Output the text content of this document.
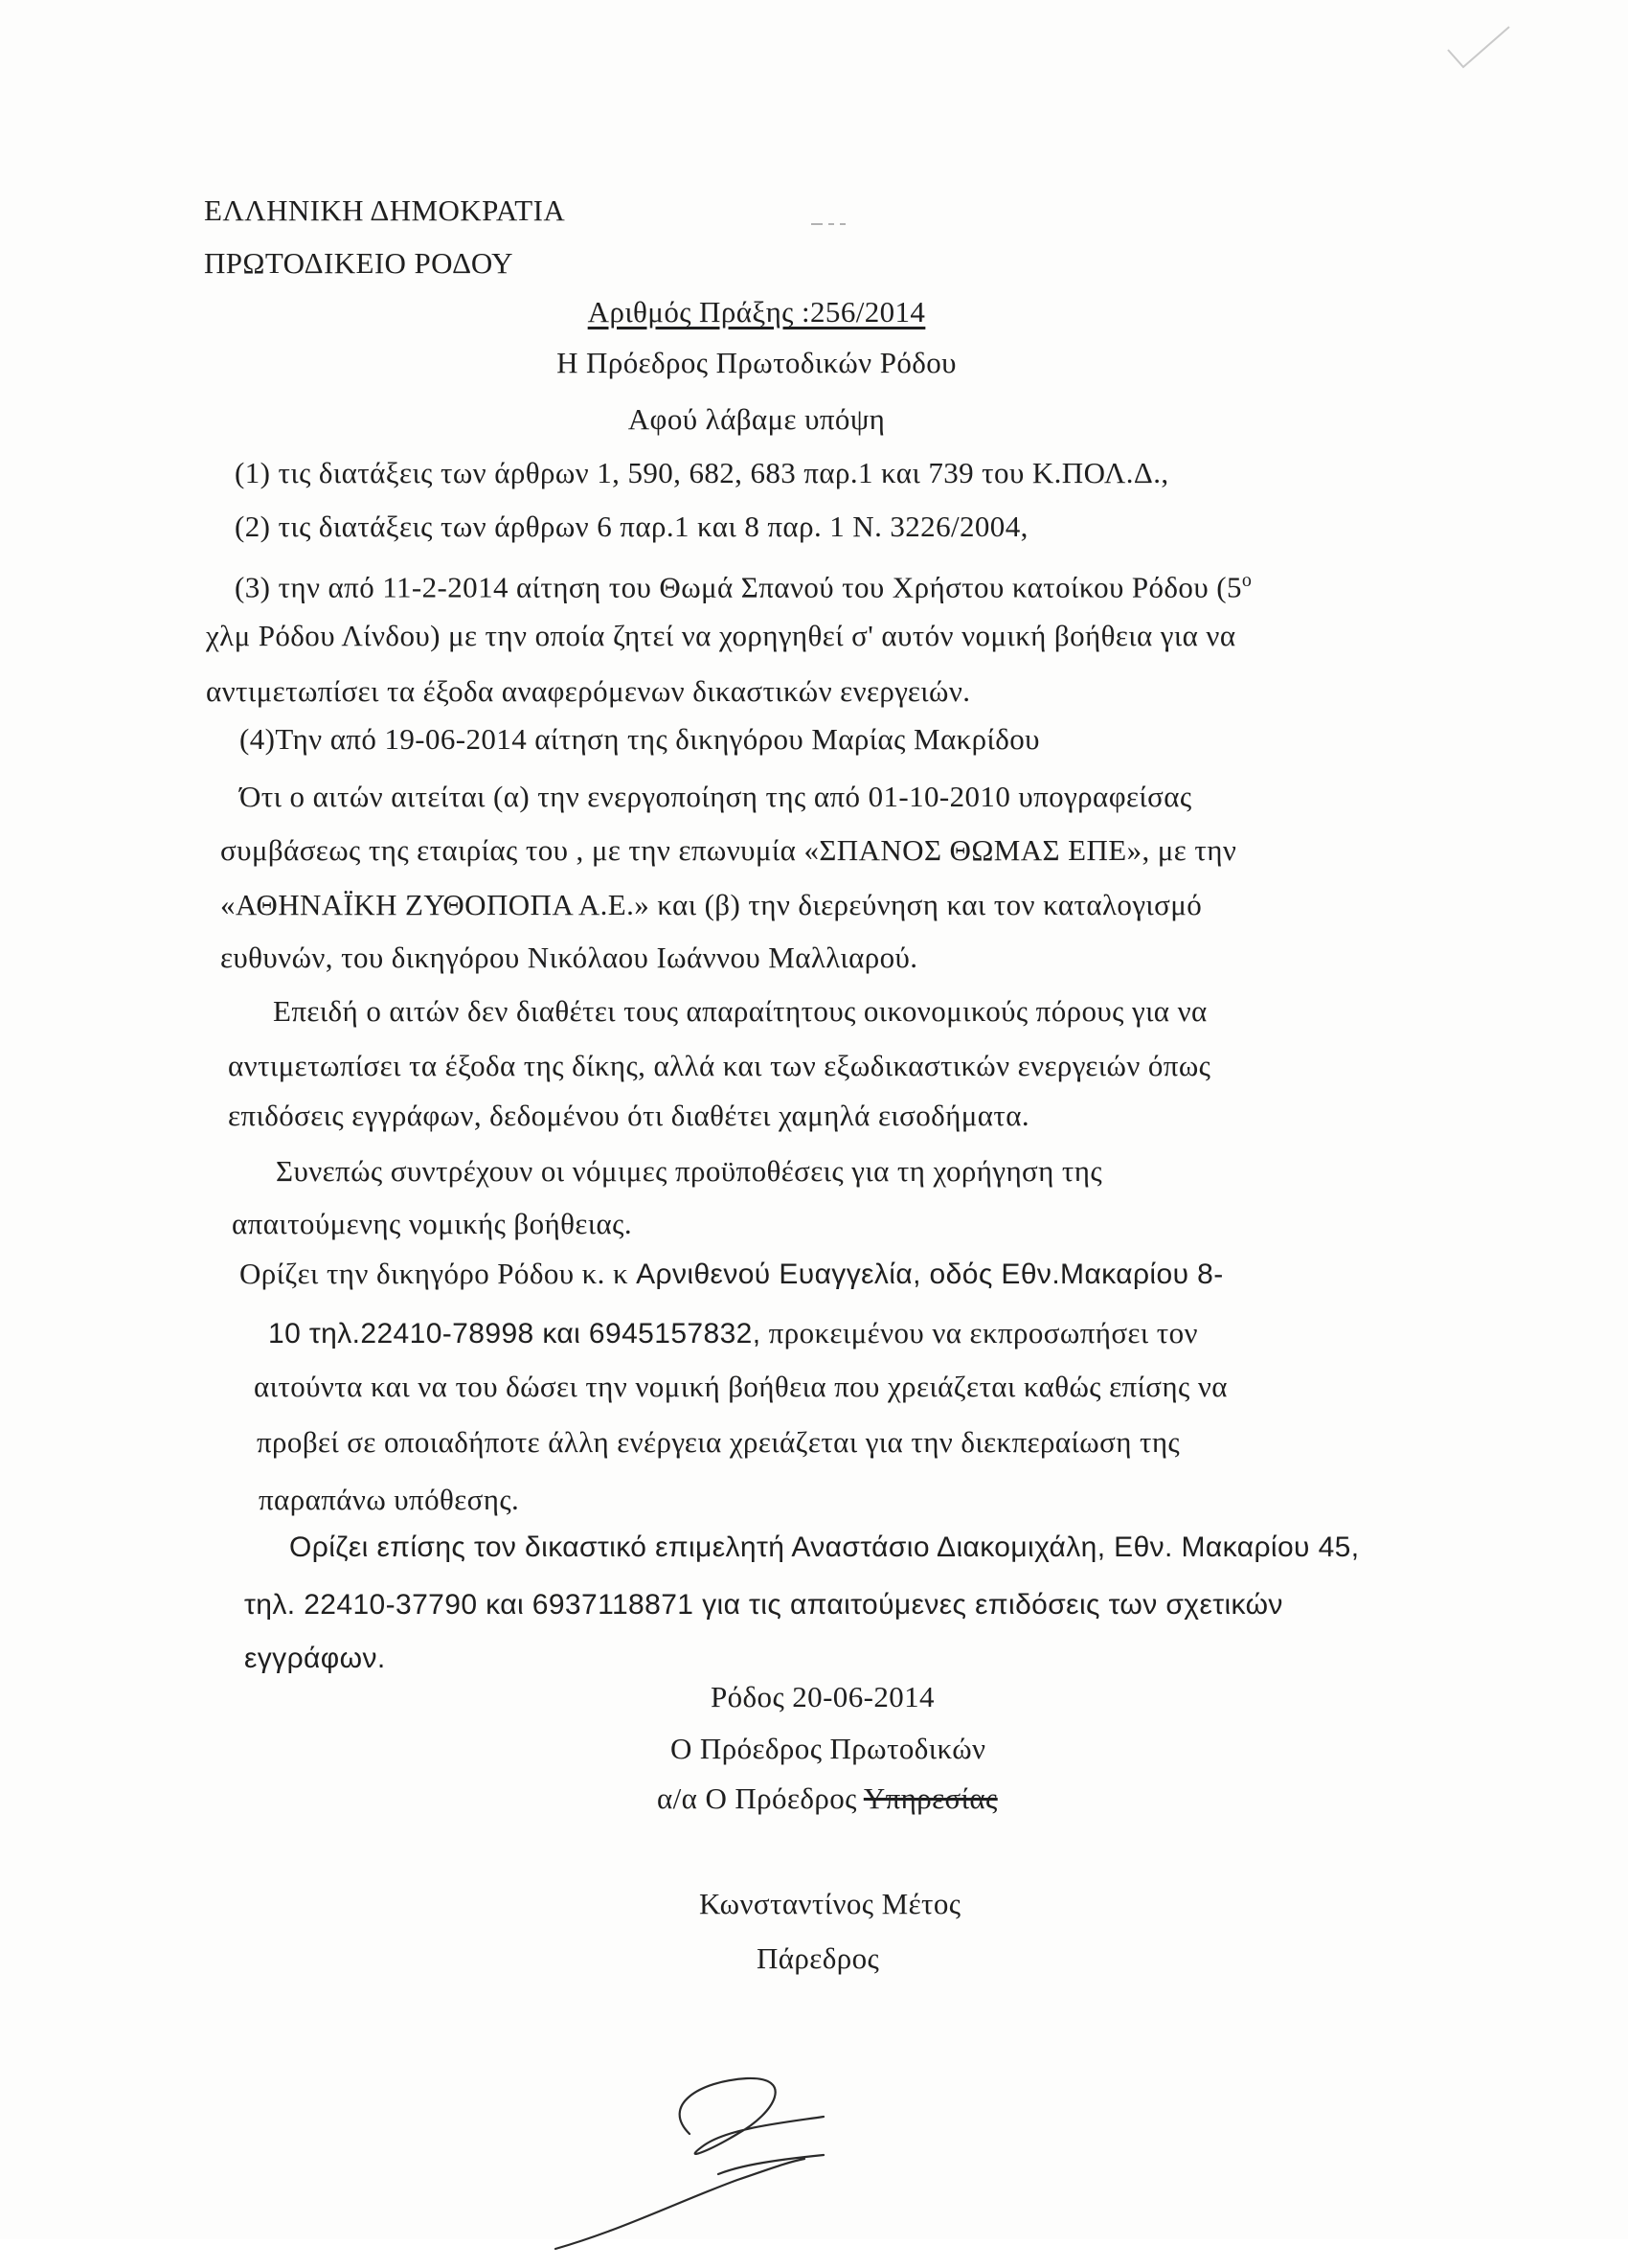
ΕΛΛΗΝΙΚΗ ΔΗΜΟΚΡΑΤΙΑ
ΠΡΩΤΟΔΙΚΕΙΟ ΡΟΔΟΥ
Αριθμός Πράξης :256/2014
Η Πρόεδρος Πρωτοδικών Ρόδου
Αφού λάβαμε υπόψη
(1) τις διατάξεις των άρθρων 1, 590, 682, 683 παρ.1 και 739 του Κ.ΠΟΛ.Δ.,
(2) τις διατάξεις των άρθρων 6 παρ.1 και 8 παρ. 1 Ν. 3226/2004,
(3) την από 11-2-2014 αίτηση του Θωμά Σπανού του Χρήστου κατοίκου Ρόδου ($5^o$
χλμ Ρόδου Λίνδου) με την οποία ζητεί να χορηγηθεί σ' αυτόν νομική βοήθεια για να
αντιμετωπίσει τα έξοδα αναφερόμενων δικαστικών ενεργειών.
(4)Την από 19-06-2014 αίτηση της δικηγόρου Μαρίας Μακρίδου
Ότι ο αιτών αιτείται (α) την ενεργοποίηση της από 01-10-2010 υπογραφείσας
συμβάσεως της εταιρίας του , με την επωνυμία «ΣΠΑΝΟΣ ΘΩΜΑΣ ΕΠΕ», με την
«ΑΘΗΝΑΪΚΗ ΖΥΘΟΠΟΠΑ Α.Ε.» και (β) την διερεύνηση και τον καταλογισμό
ευθυνών, του δικηγόρου Νικόλαου Ιωάννου Μαλλιαρού.
Επειδή ο αιτών δεν διαθέτει τους απαραίτητους οικονομικούς πόρους για να
αντιμετωπίσει τα έξοδα της δίκης, αλλά και των εξωδικαστικών ενεργειών όπως
επιδόσεις εγγράφων, δεδομένου ότι διαθέτει χαμηλά εισοδήματα.
Συνεπώς συντρέχουν οι νόμιμες προϋποθέσεις για τη χορήγηση της
απαιτούμενης νομικής βοήθειας.
Ορίζει την δικηγόρο Ρόδου κ. κ Αρνιθενού Ευαγγελία, οδός Εθν.Μακαρίου 8-
10 τηλ.22410-78998 και 6945157832, προκειμένου να εκπροσωπήσει τον
αιτούντα και να του δώσει την νομική βοήθεια που χρειάζεται καθώς επίσης να
προβεί σε οποιαδήποτε άλλη ενέργεια χρειάζεται για την διεκπεραίωση της
παραπάνω υπόθεσης.
Ορίζει επίσης τον δικαστικό επιμελητή Αναστάσιο Διακομιχάλη, Εθν. Μακαρίου 45,
τηλ. 22410-37790 και 6937118871 για τις απαιτούμενες επιδόσεις των σχετικών
εγγράφων.
Ρόδος 20-06-2014
Ο Πρόεδρος Πρωτοδικών
α/α Ο Πρόεδρος Υπηρεσίας
Κωνσταντίνος Μέτος
Πάρεδρος
